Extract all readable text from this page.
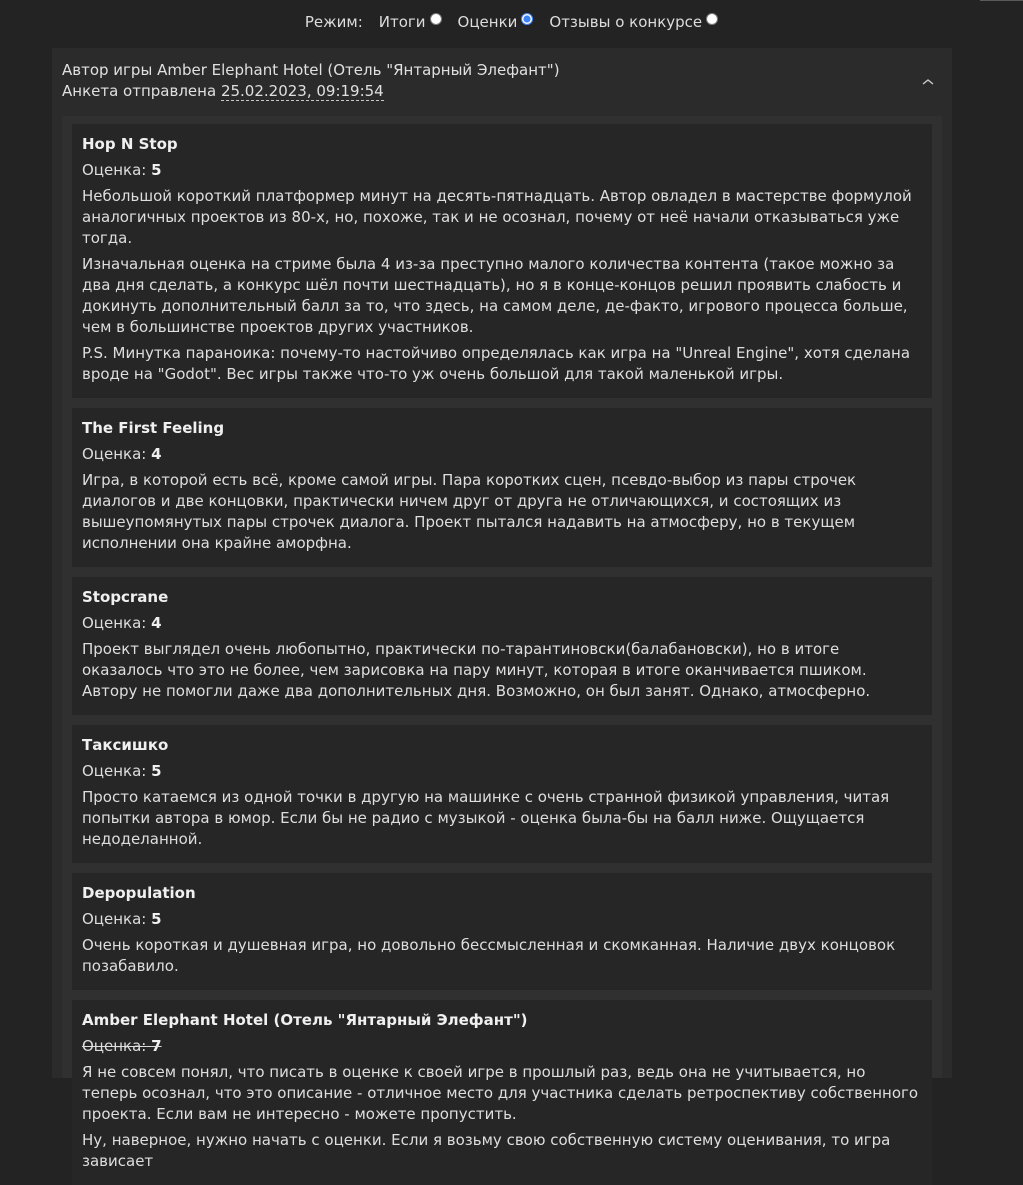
Режим: Итоги Оценки Отзывы о конкурсе
Автор игры Amber Elephant Hotel (Отель "Янтарный Элефант")
Анкета отправлена 25.02.2023, 09:19:54
Hop N Stop
Оценка: 5

Небольшой короткий платформер минут на десять-пятнадцать. Автор овладел в мастерстве формулой аналогичных проектов из 80-х, но, похоже, так и не осознал, почему от неё начали отказываться уже тогда.

Изначальная оценка на стриме была 4 из-за преступно малого количества контента (такое можно за два дня сделать, а конкурс шёл почти шестнадцать), но я в конце-концов решил проявить слабость и докинуть дополнительный балл за то, что здесь, на самом деле, де-факто, игрового процесса больше, чем в большинстве проектов других участников.

P.S. Минутка параноика: почему-то настойчиво определялась как игра на "Unreal Engine", хотя сделана вроде на "Godot". Вес игры также что-то уж очень большой для такой маленькой игры.

The First Feeling
Оценка: 4

Игра, в которой есть всё, кроме самой игры. Пара коротких сцен, псевдо-выбор из пары строчек диалогов и две концовки, практически ничем друг от друга не отличающихся, и состоящих из вышеупомянутых пары строчек диалога. Проект пытался надавить на атмосферу, но в текущем исполнении она крайне аморфна.

Stopcrane
Оценка: 4

Проект выглядел очень любопытно, практически по-тарантиновски(балабановски), но в итоге оказалось что это не более, чем зарисовка на пару минут, которая в итоге оканчивается пшиком. Автору не помогли даже два дополнительных дня. Возможно, он был занят. Однако, атмосферно.

Таксишко
Оценка: 5

Просто катаемся из одной точки в другую на машинке с очень странной физикой управления, читая попытки автора в юмор. Если бы не радио с музыкой - оценка была-бы на балл ниже. Ощущается недоделанной.

Depopulation
Оценка: 5

Очень короткая и душевная игра, но довольно бессмысленная и скомканная. Наличие двух концовок позабавило.

Amber Elephant Hotel (Отель "Янтарный Элефант")
Оценка: 7

Я не совсем понял, что писать в оценке к своей игре в прошлый раз, ведь она не учитывается, но теперь осознал, что это описание - отличное место для участника сделать ретроспективу собственного проекта. Если вам не интересно - можете пропустить.

Ну, наверное, нужно начать с оценки. Если я возьму свою собственную систему оценивания, то игра зависает
